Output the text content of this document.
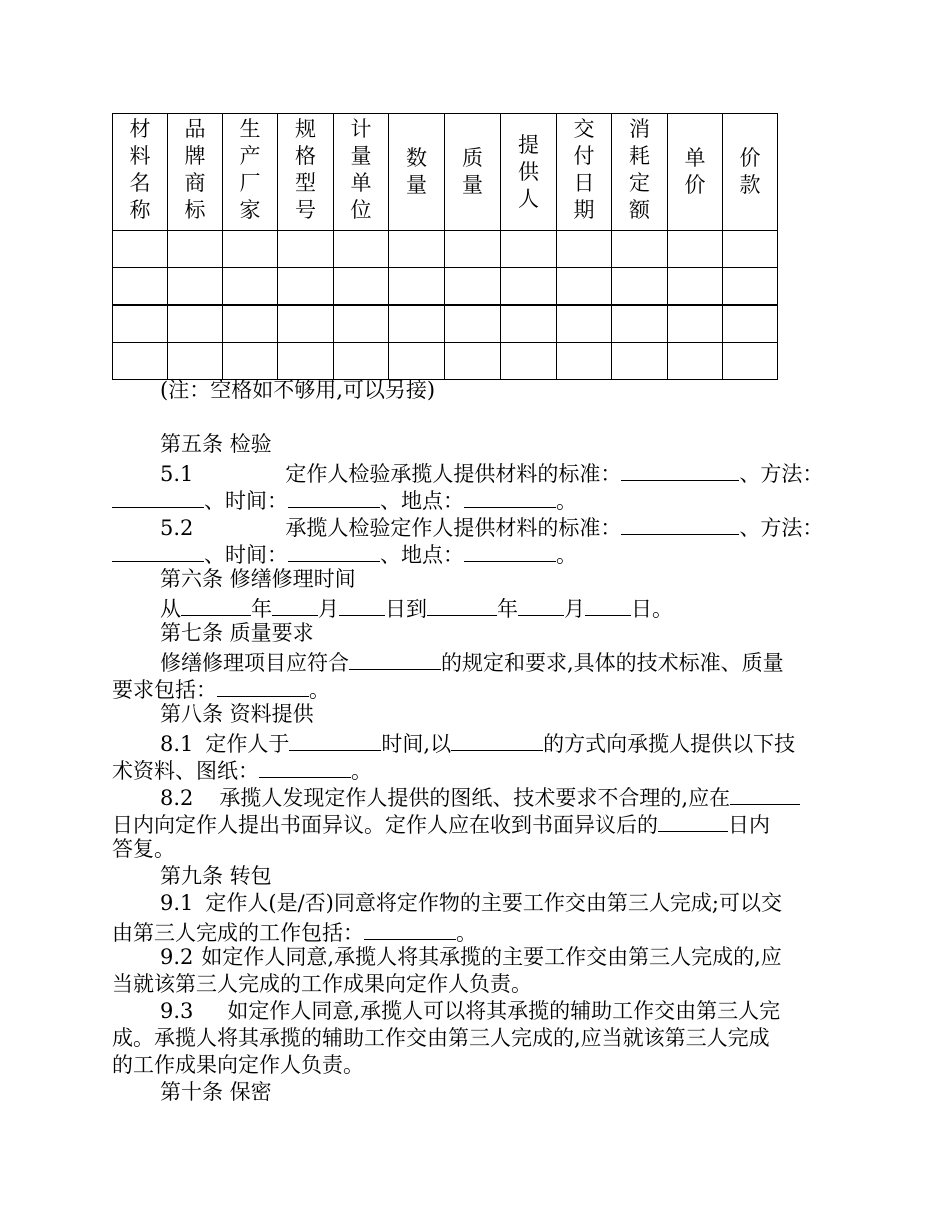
材料名称	品牌商标	生产厂家	规格型号	计量单位	数量	质量	提供人	交付日期	消耗定额	单价	价款

(注：空格如不够用,可以另接)
第五条 检验
5.1	定作人检验承揽人提供材料的标准：	、方法：
、时间：	、地点：	。
5.2	承揽人检验定作人提供材料的标准：	、方法：
、时间：	、地点：	。
第六条 修缮修理时间
从	年 月 日到	年 月 日。
第七条 质量要求
修缮修理项目应符合	的规定和要求,具体的技术标准、质量
要求包括：	。
第八条 资料提供
8.1 定作人于	时间,以	的方式向承揽人提供以下技
术资料、图纸：	。
8.2 承揽人发现定作人提供的图纸、技术要求不合理的,应在
日内向定作人提出书面异议。定作人应在收到书面异议后的	日内
答复。
第九条 转包
9.1 定作人(是/否)同意将定作物的主要工作交由第三人完成;可以交
由第三人完成的工作包括：	。
9.2 如定作人同意,承揽人将其承揽的主要工作交由第三人完成的,应
当就该第三人完成的工作成果向定作人负责。
9.3 如定作人同意,承揽人可以将其承揽的辅助工作交由第三人完
成。承揽人将其承揽的辅助工作交由第三人完成的,应当就该第三人完成
的工作成果向定作人负责。
第十条 保密
